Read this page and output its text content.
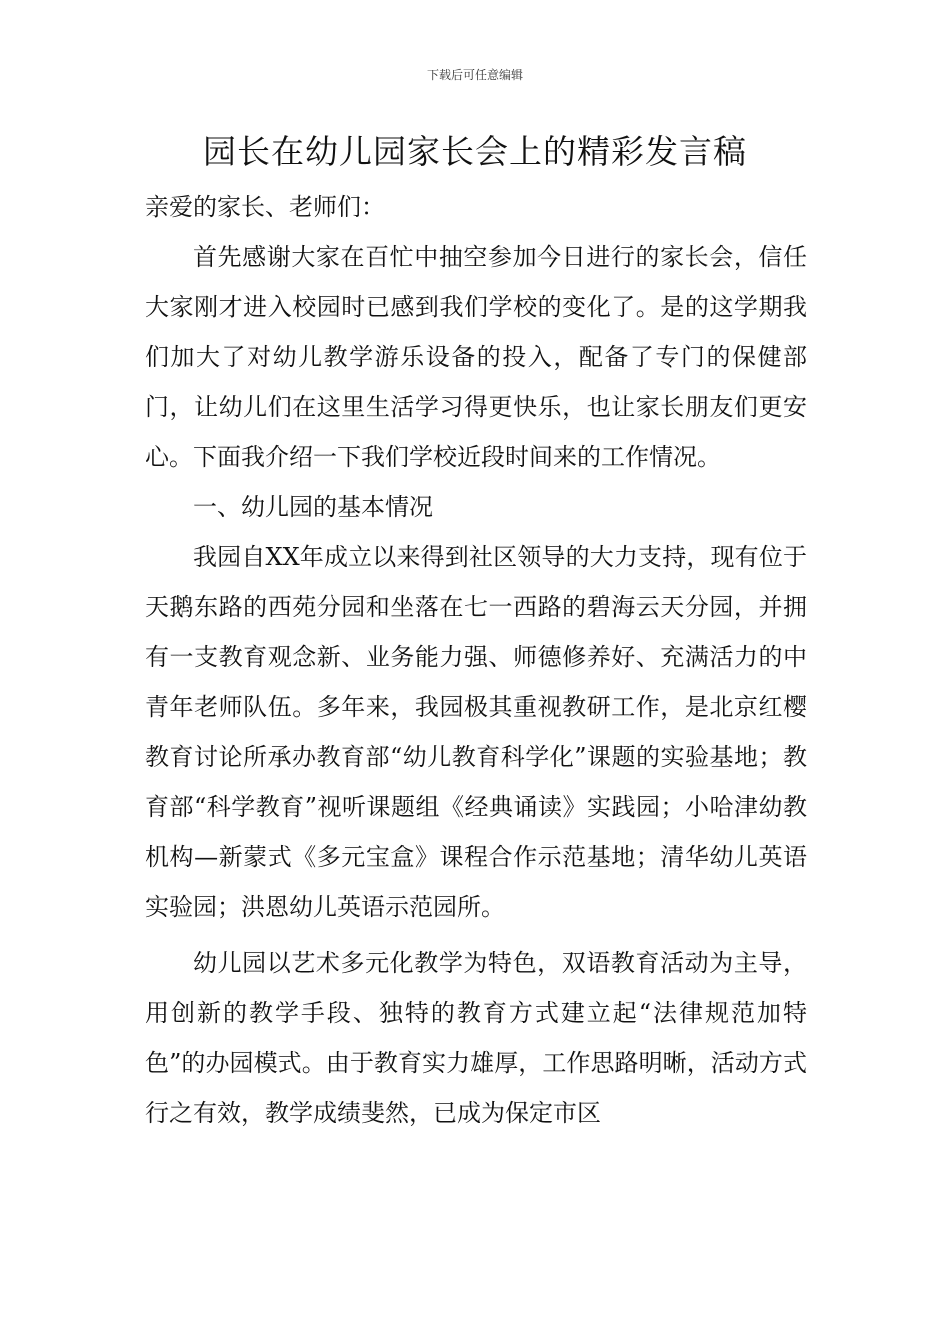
下载后可任意编辑
园长在幼儿园家长会上的精彩发言稿

亲爱的家长、老师们：

首先感谢大家在百忙中抽空参加今日进行的家长会，信任大家刚才进入校园时已感到我们学校的变化了。是的这学期我们加大了对幼儿教学游乐设备的投入，配备了专门的保健部门，让幼儿们在这里生活学习得更快乐，也让家长朋友们更安心。下面我介绍一下我们学校近段时间来的工作情况。

一、幼儿园的基本情况

我园自XX年成立以来得到社区领导的大力支持，现有位于天鹅东路的西苑分园和坐落在七一西路的碧海云天分园，并拥有一支教育观念新、业务能力强、师德修养好、充满活力的中青年老师队伍。多年来，我园极其重视教研工作，是北京红樱教育讨论所承办教育部“幼儿教育科学化”课题的实验基地；教育部“科学教育”视听课题组《经典诵读》实践园；小哈津幼教机构—新蒙式《多元宝盒》课程合作示范基地；清华幼儿英语实验园；洪恩幼儿英语示范园所。

幼儿园以艺术多元化教学为特色，双语教育活动为主导，用创新的教学手段、独特的教育方式建立起“法律规范加特色”的办园模式。由于教育实力雄厚，工作思路明晰，活动方式行之有效，教学成绩斐然，已成为保定市区
